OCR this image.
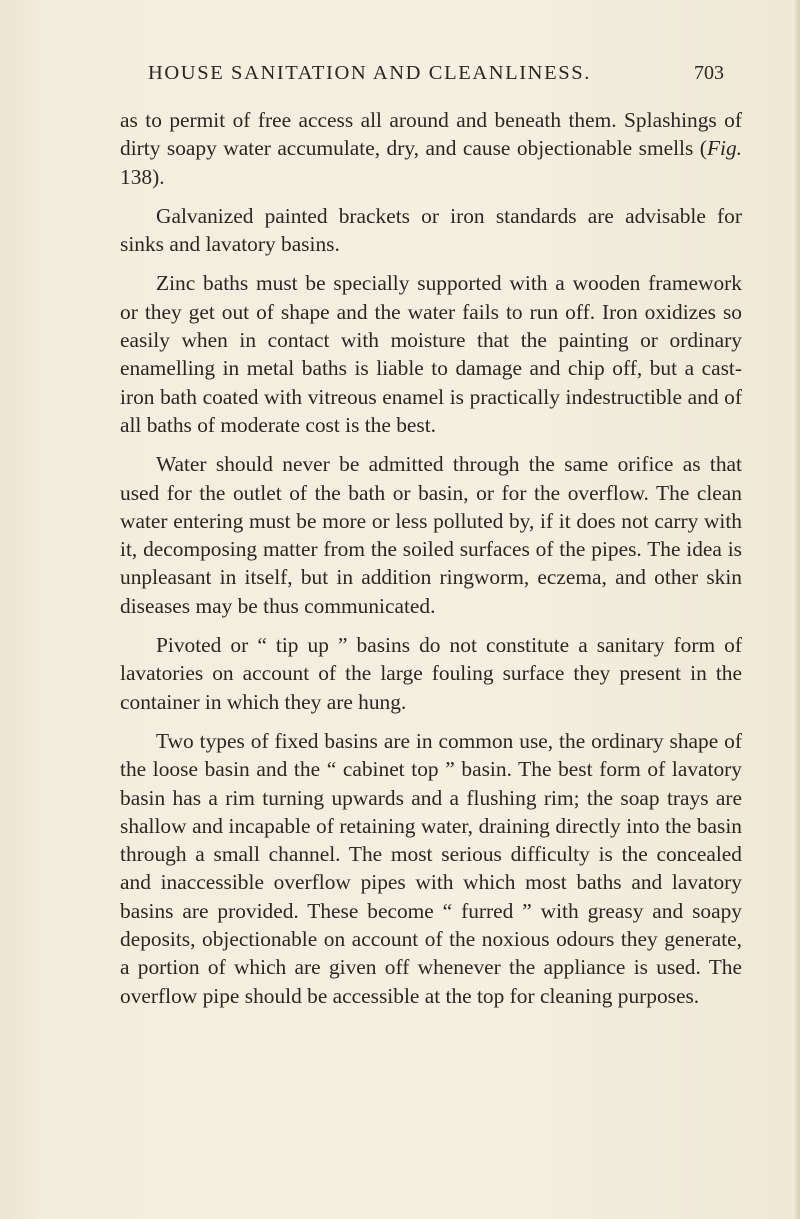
HOUSE SANITATION AND CLEANLINESS.	703

as to permit of free access all around and beneath them. Splashings of dirty soapy water accumulate, dry, and cause objectionable smells (Fig. 138).

Galvanized painted brackets or iron standards are advisable for sinks and lavatory basins.

Zinc baths must be specially supported with a wooden framework or they get out of shape and the water fails to run off. Iron oxidizes so easily when in contact with moisture that the painting or ordinary enamelling in metal baths is liable to damage and chip off, but a cast-iron bath coated with vitreous enamel is practically indestructible and of all baths of moderate cost is the best.

Water should never be admitted through the same orifice as that used for the outlet of the bath or basin, or for the overflow. The clean water entering must be more or less polluted by, if it does not carry with it, decomposing matter from the soiled surfaces of the pipes. The idea is unpleasant in itself, but in addition ringworm, eczema, and other skin diseases may be thus communicated.

Pivoted or “ tip up ” basins do not constitute a sanitary form of lavatories on account of the large fouling surface they present in the container in which they are hung.

Two types of fixed basins are in common use, the ordinary shape of the loose basin and the “ cabinet top ” basin. The best form of lavatory basin has a rim turning upwards and a flushing rim; the soap trays are shallow and incapable of retaining water, draining directly into the basin through a small channel. The most serious difficulty is the concealed and inaccessible overflow pipes with which most baths and lavatory basins are provided. These become “ furred ” with greasy and soapy deposits, objectionable on account of the noxious odours they generate, a portion of which are given off whenever the appliance is used. The overflow pipe should be accessible at the top for cleaning purposes.
